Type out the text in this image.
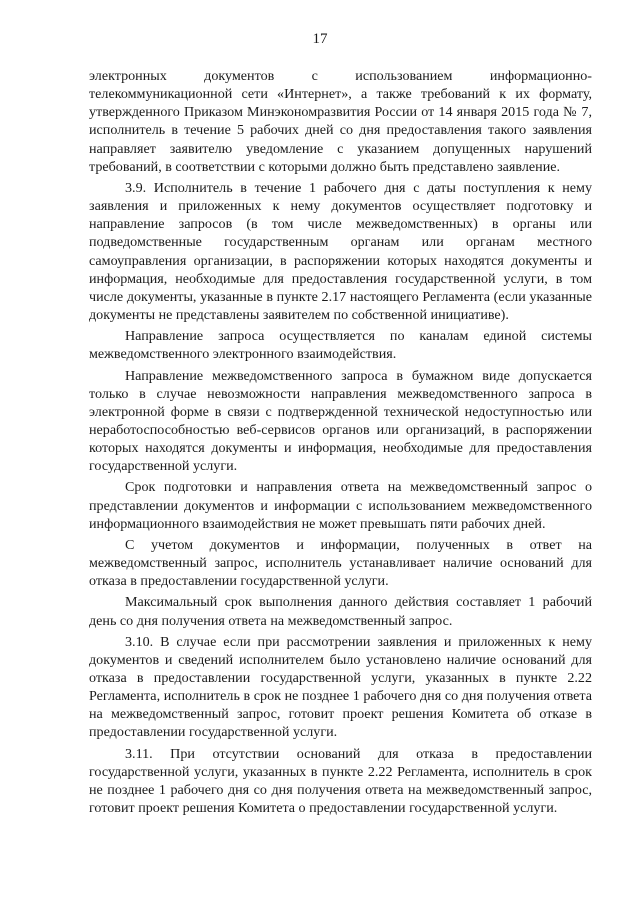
17

электронных документов с использованием информационно-телекоммуникационной сети «Интернет», а также требований к их формату, утвержденного Приказом Минэкономразвития России от 14 января 2015 года № 7, исполнитель в течение 5 рабочих дней со дня предоставления такого заявления направляет заявителю уведомление с указанием допущенных нарушений требований, в соответствии с которыми должно быть представлено заявление.

3.9. Исполнитель в течение 1 рабочего дня с даты поступления к нему заявления и приложенных к нему документов осуществляет подготовку и направление запросов (в том числе межведомственных) в органы или подведомственные государственным органам или органам местного самоуправления организации, в распоряжении которых находятся документы и информация, необходимые для предоставления государственной услуги, в том числе документы, указанные в пункте 2.17 настоящего Регламента (если указанные документы не представлены заявителем по собственной инициативе).

Направление запроса осуществляется по каналам единой системы межведомственного электронного взаимодействия.

Направление межведомственного запроса в бумажном виде допускается только в случае невозможности направления межведомственного запроса в электронной форме в связи с подтвержденной технической недоступностью или неработоспособностью веб-сервисов органов или организаций, в распоряжении которых находятся документы и информация, необходимые для предоставления государственной услуги.

Срок подготовки и направления ответа на межведомственный запрос о представлении документов и информации с использованием межведомственного информационного взаимодействия не может превышать пяти рабочих дней.

С учетом документов и информации, полученных в ответ на межведомственный запрос, исполнитель устанавливает наличие оснований для отказа в предоставлении государственной услуги.

Максимальный срок выполнения данного действия составляет 1 рабочий день со дня получения ответа на межведомственный запрос.

3.10. В случае если при рассмотрении заявления и приложенных к нему документов и сведений исполнителем было установлено наличие оснований для отказа в предоставлении государственной услуги, указанных в пункте 2.22 Регламента, исполнитель в срок не позднее 1 рабочего дня со дня получения ответа на межведомственный запрос, готовит проект решения Комитета об отказе в предоставлении государственной услуги.

3.11. При отсутствии оснований для отказа в предоставлении государственной услуги, указанных в пункте 2.22 Регламента, исполнитель в срок не позднее 1 рабочего дня со дня получения ответа на межведомственный запрос, готовит проект решения Комитета о предоставлении государственной услуги.
